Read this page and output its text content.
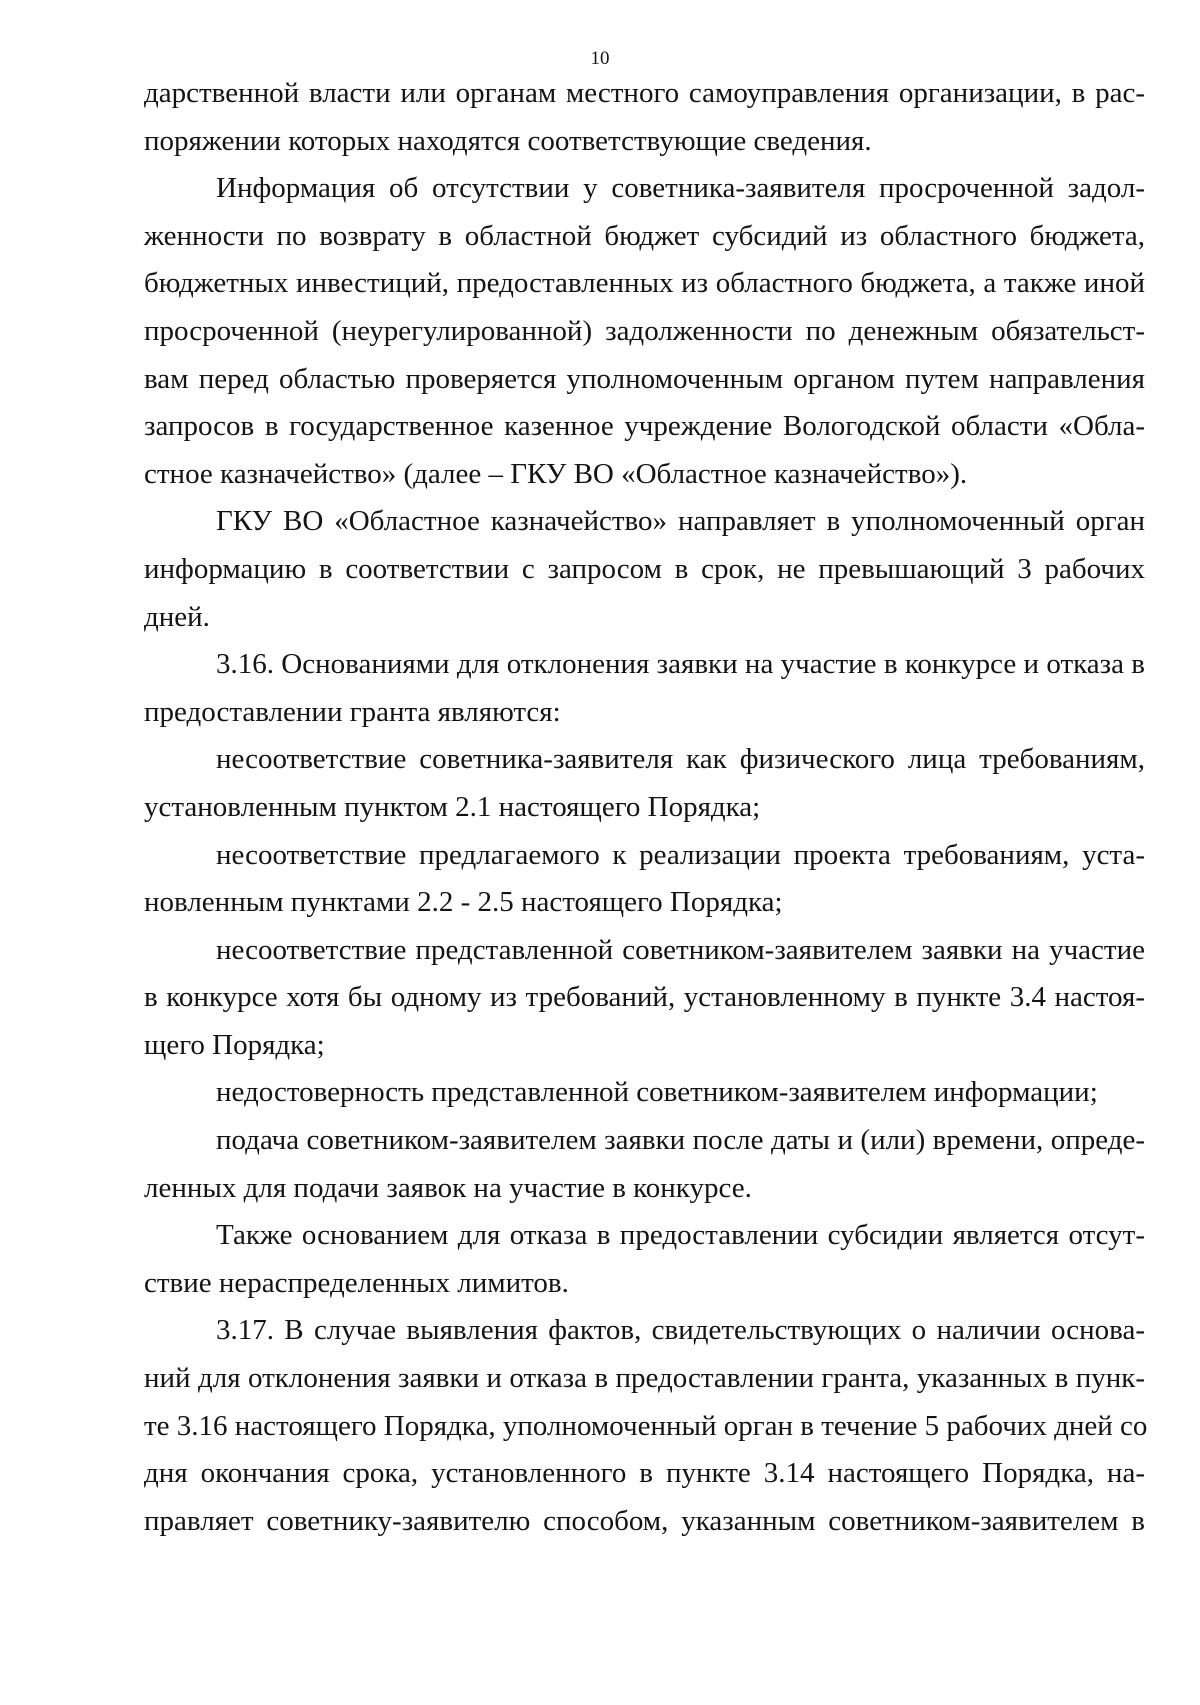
10
дарственной власти или органам местного самоуправления организации, в рас-
поряжении которых находятся соответствующие сведения.
Информация об отсутствии у советника-заявителя просроченной задол-
женности по возврату в областной бюджет субсидий из областного бюджета,
бюджетных инвестиций, предоставленных из областного бюджета, а также иной
просроченной (неурегулированной) задолженности по денежным обязательст-
вам перед областью проверяется уполномоченным органом путем направления
запросов в государственное казенное учреждение Вологодской области «Обла-
стное казначейство» (далее – ГКУ ВО «Областное казначейство»).
ГКУ ВО «Областное казначейство» направляет в уполномоченный орган
информацию в соответствии с запросом в срок, не превышающий 3 рабочих
дней.
3.16. Основаниями для отклонения заявки на участие в конкурсе и отказа в
предоставлении гранта являются:
несоответствие советника-заявителя как физического лица требованиям,
установленным пунктом 2.1 настоящего Порядка;
несоответствие предлагаемого к реализации проекта требованиям, уста-
новленным пунктами 2.2 - 2.5 настоящего Порядка;
несоответствие представленной советником-заявителем заявки на участие
в конкурсе хотя бы одному из требований, установленному в пункте 3.4 настоя-
щего Порядка;
недостоверность представленной советником-заявителем информации;
подача советником-заявителем заявки после даты и (или) времени, опреде-
ленных для подачи заявок на участие в конкурсе.
Также основанием для отказа в предоставлении субсидии является отсут-
ствие нераспределенных лимитов.
3.17. В случае выявления фактов, свидетельствующих о наличии основа-
ний для отклонения заявки и отказа в предоставлении гранта, указанных в пунк-
те 3.16 настоящего Порядка, уполномоченный орган в течение 5 рабочих дней со
дня окончания срока, установленного в пункте 3.14 настоящего Порядка, на-
правляет советнику-заявителю способом, указанным советником-заявителем в
